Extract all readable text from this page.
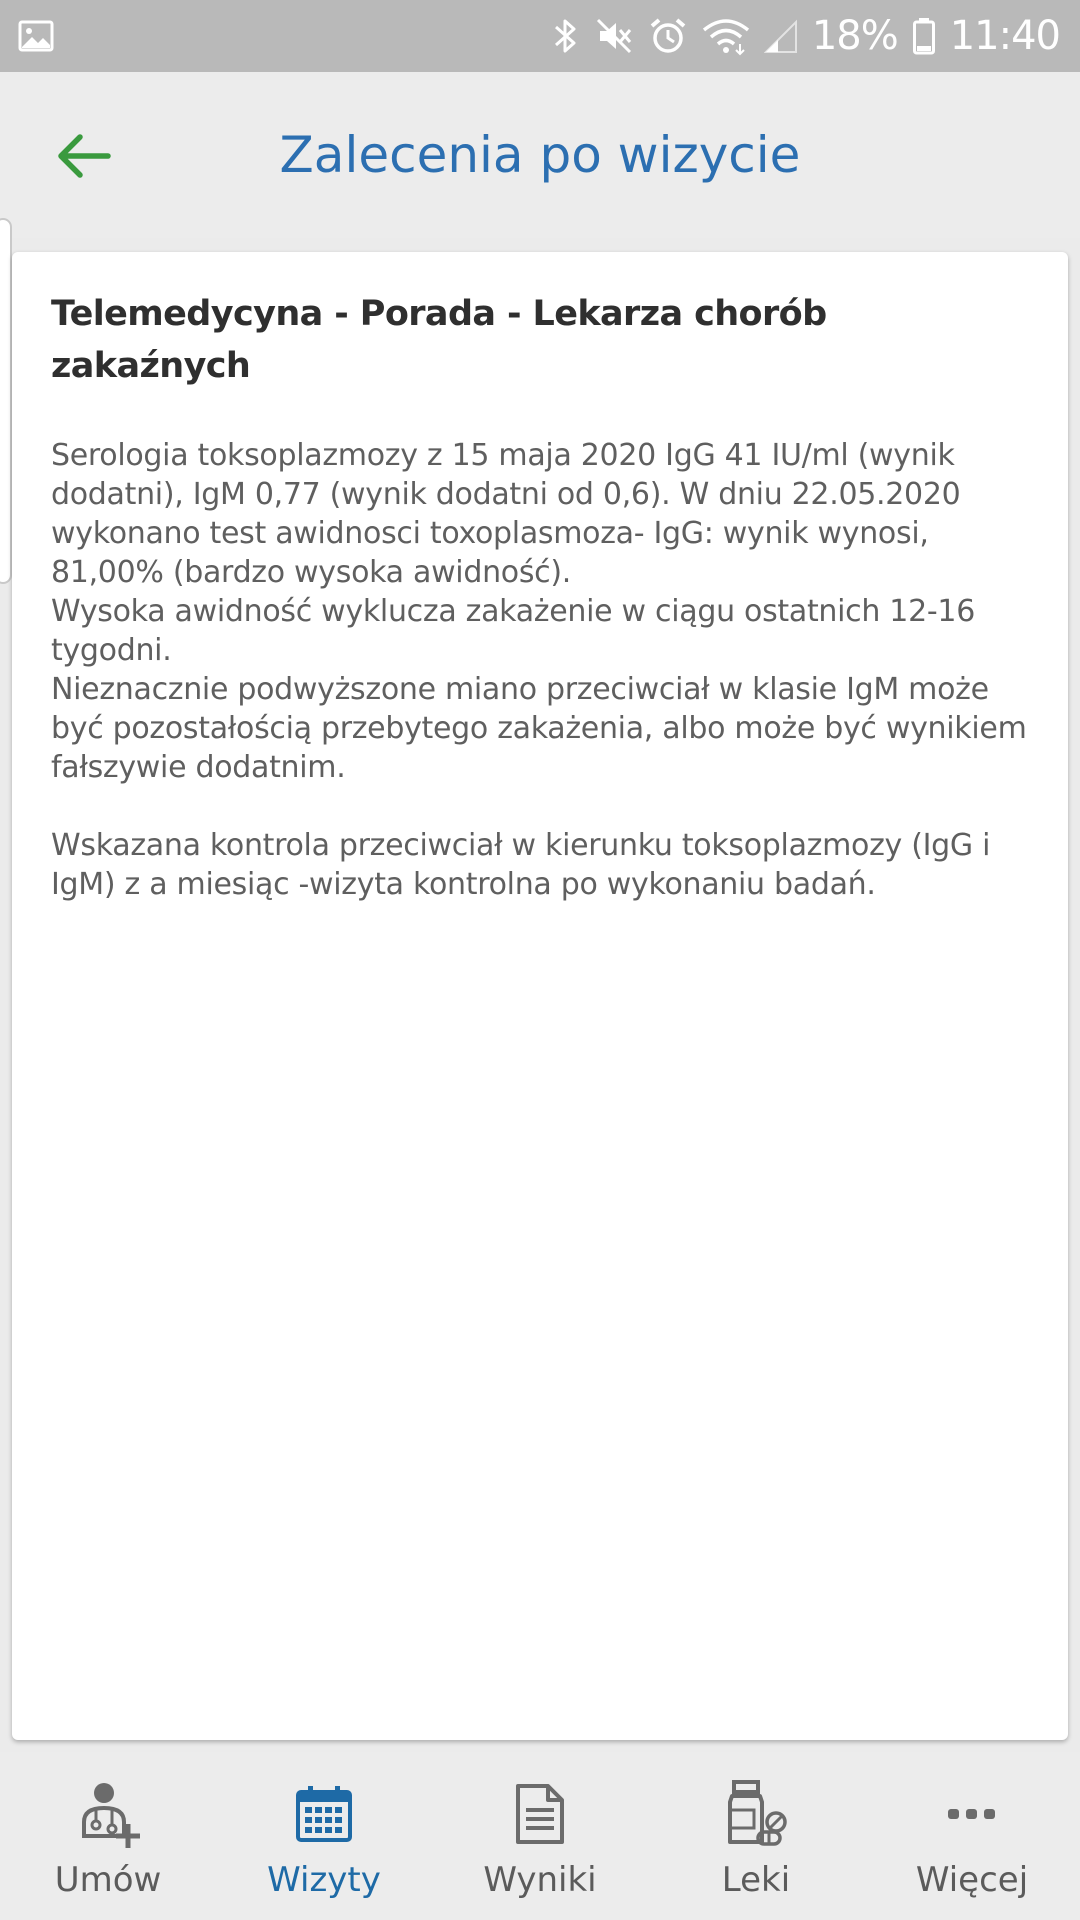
18% 11:40
Zalecenia po wizycie
Telemedycyna - Porada - Lekarza chorób zakaźnych

Serologia toksoplazmozy z 15 maja 2020 IgG 41 IU/ml (wynik dodatni), IgM 0,77 (wynik dodatni od 0,6). W dniu 22.05.2020 wykonano test awidnosci toxoplasmoza- IgG: wynik wynosi, 81,00% (bardzo wysoka awidność).
Wysoka awidność wyklucza zakażenie w ciągu ostatnich 12-16 tygodni.
Nieznacznie podwyższone miano przeciwciał w klasie IgM może być pozostałością przebytego zakażenia, albo może być wynikiem fałszywie dodatnim.

Wskazana kontrola przeciwciał w kierunku toksoplazmozy (IgG i IgM) z a miesiąc -wizyta kontrolna po wykonaniu badań.

Umów	Wizyty	Wyniki	Leki	Więcej
